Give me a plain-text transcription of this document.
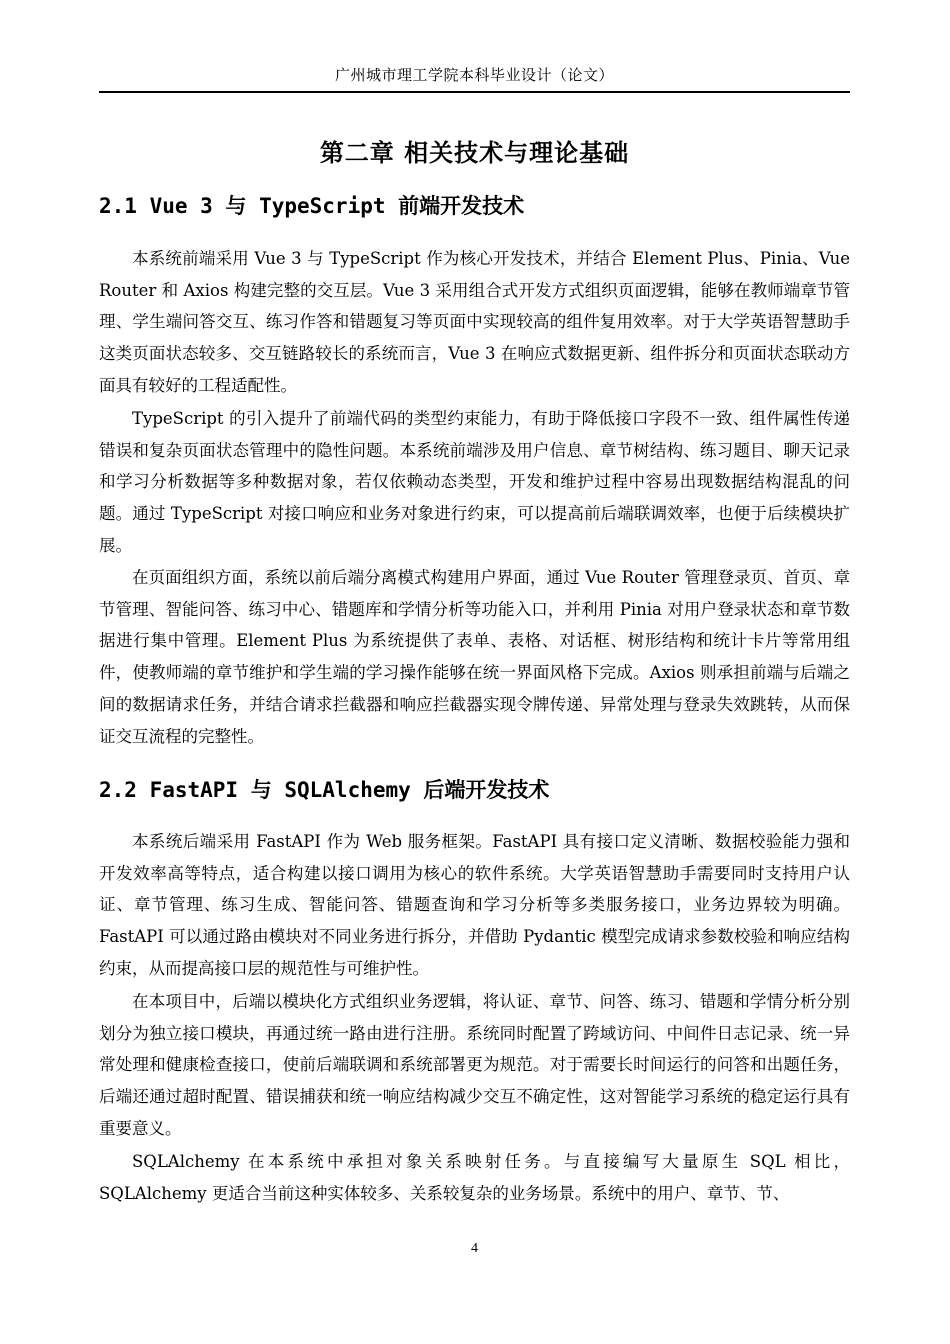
广州城市理工学院本科毕业设计（论文）
第二章 相关技术与理论基础
2.1 Vue 3 与 TypeScript 前端开发技术

本系统前端采用 Vue 3 与 TypeScript 作为核心开发技术，并结合 Element Plus、Pinia、Vue Router 和 Axios 构建完整的交互层。Vue 3 采用组合式开发方式组织页面逻辑，能够在教师端章节管理、学生端问答交互、练习作答和错题复习等页面中实现较高的组件复用效率。对于大学英语智慧助手这类页面状态较多、交互链路较长的系统而言，Vue 3 在响应式数据更新、组件拆分和页面状态联动方面具有较好的工程适配性。

TypeScript 的引入提升了前端代码的类型约束能力，有助于降低接口字段不一致、组件属性传递错误和复杂页面状态管理中的隐性问题。本系统前端涉及用户信息、章节树结构、练习题目、聊天记录和学习分析数据等多种数据对象，若仅依赖动态类型，开发和维护过程中容易出现数据结构混乱的问题。通过 TypeScript 对接口响应和业务对象进行约束，可以提高前后端联调效率，也便于后续模块扩展。

在页面组织方面，系统以前后端分离模式构建用户界面，通过 Vue Router 管理登录页、首页、章节管理、智能问答、练习中心、错题库和学情分析等功能入口，并利用 Pinia 对用户登录状态和章节数据进行集中管理。Element Plus 为系统提供了表单、表格、对话框、树形结构和统计卡片等常用组件，使教师端的章节维护和学生端的学习操作能够在统一界面风格下完成。Axios 则承担前端与后端之间的数据请求任务，并结合请求拦截器和响应拦截器实现令牌传递、异常处理与登录失效跳转，从而保证交互流程的完整性。

2.2 FastAPI 与 SQLAlchemy 后端开发技术

本系统后端采用 FastAPI 作为 Web 服务框架。FastAPI 具有接口定义清晰、数据校验能力强和开发效率高等特点，适合构建以接口调用为核心的软件系统。大学英语智慧助手需要同时支持用户认证、章节管理、练习生成、智能问答、错题查询和学习分析等多类服务接口，业务边界较为明确。FastAPI 可以通过路由模块对不同业务进行拆分，并借助 Pydantic 模型完成请求参数校验和响应结构约束，从而提高接口层的规范性与可维护性。

在本项目中，后端以模块化方式组织业务逻辑，将认证、章节、问答、练习、错题和学情分析分别划分为独立接口模块，再通过统一路由进行注册。系统同时配置了跨域访问、中间件日志记录、统一异常处理和健康检查接口，使前后端联调和系统部署更为规范。对于需要长时间运行的问答和出题任务，后端还通过超时配置、错误捕获和统一响应结构减少交互不确定性，这对智能学习系统的稳定运行具有重要意义。

SQLAlchemy 在本系统中承担对象关系映射任务。与直接编写大量原生 SQL 相比，SQLAlchemy 更适合当前这种实体较多、关系较复杂的业务场景。系统中的用户、章节、节、

4
